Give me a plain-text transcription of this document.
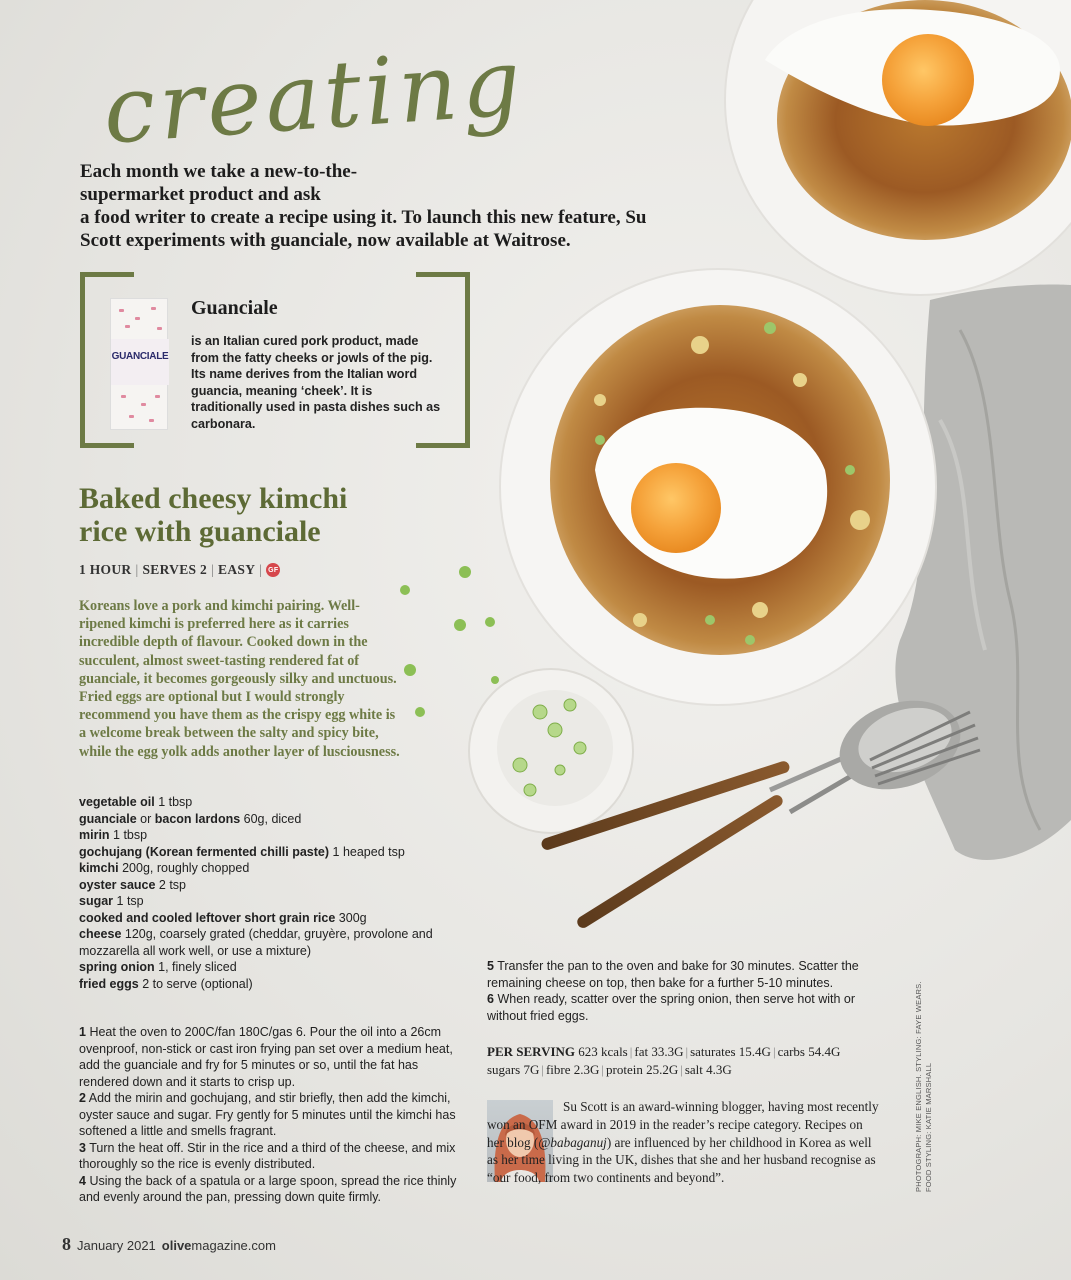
creating
Each month we take a new-to-the-supermarket product and ask
a food writer to create a recipe using it. To launch this new feature, Su Scott experiments with guanciale, now available at Waitrose.
GUANCIALE
Guanciale
is an Italian cured pork product, made from the fatty cheeks or jowls of the pig. Its name derives from the Italian word guancia, meaning ‘cheek’. It is traditionally used in pasta dishes such as carbonara.
Baked cheesy kimchi rice with guanciale
1 HOUR | SERVES 2 | EASY | GF

Koreans love a pork and kimchi pairing. Well-ripened kimchi is preferred here as it carries incredible depth of flavour. Cooked down in the succulent, almost sweet-tasting rendered fat of guanciale, it becomes gorgeously silky and unctuous. Fried eggs are optional but I would strongly recommend you have them as the crispy egg white is a welcome break between the salty and spicy bite, while the egg yolk adds another layer of lusciousness.

vegetable oil 1 tbsp
guanciale or bacon lardons 60g, diced
mirin 1 tbsp
gochujang (Korean fermented chilli paste) 1 heaped tsp
kimchi 200g, roughly chopped
oyster sauce 2 tsp
sugar 1 tsp
cooked and cooled leftover short grain rice 300g
cheese 120g, coarsely grated (cheddar, gruyère, provolone and mozzarella all work well, or use a mixture)
spring onion 1, finely sliced
fried eggs 2 to serve (optional)
1 Heat the oven to 200C/fan 180C/gas 6. Pour the oil into a 26cm ovenproof, non-stick or cast iron frying pan set over a medium heat, add the guanciale and fry for 5 minutes or so, until the fat has rendered down and it starts to crisp up.
2 Add the mirin and gochujang, and stir briefly, then add the kimchi, oyster sauce and sugar. Fry gently for 5 minutes until the kimchi has softened a little and smells fragrant.
3 Turn the heat off. Stir in the rice and a third of the cheese, and mix thoroughly so the rice is evenly distributed.
4 Using the back of a spatula or a large spoon, spread the rice thinly and evenly around the pan, pressing down quite firmly.
5 Transfer the pan to the oven and bake for 30 minutes. Scatter the remaining cheese on top, then bake for a further 5-10 minutes.
6 When ready, scatter over the spring onion, then serve hot with or without fried eggs.
PER SERVING 623 kcals | fat 33.3G | saturates 15.4G | carbs 54.4G
sugars 7G | fibre 2.3G | protein 25.2G | salt 4.3G

Su Scott is an award-winning blogger, having most recently won an OFM award in 2019 in the reader’s recipe category. Recipes on her blog (@babaganuj) are influenced by her childhood in Korea as well as her time living in the UK, dishes that she and her husband recognise as “our food, from two continents and beyond”.	PHOTOGRAPH: MIKE ENGLISH. STYLING: FAYE WEARS. FOOD STYLING: KATIE MARSHALL
8 January 2021 olivemagazine.com
